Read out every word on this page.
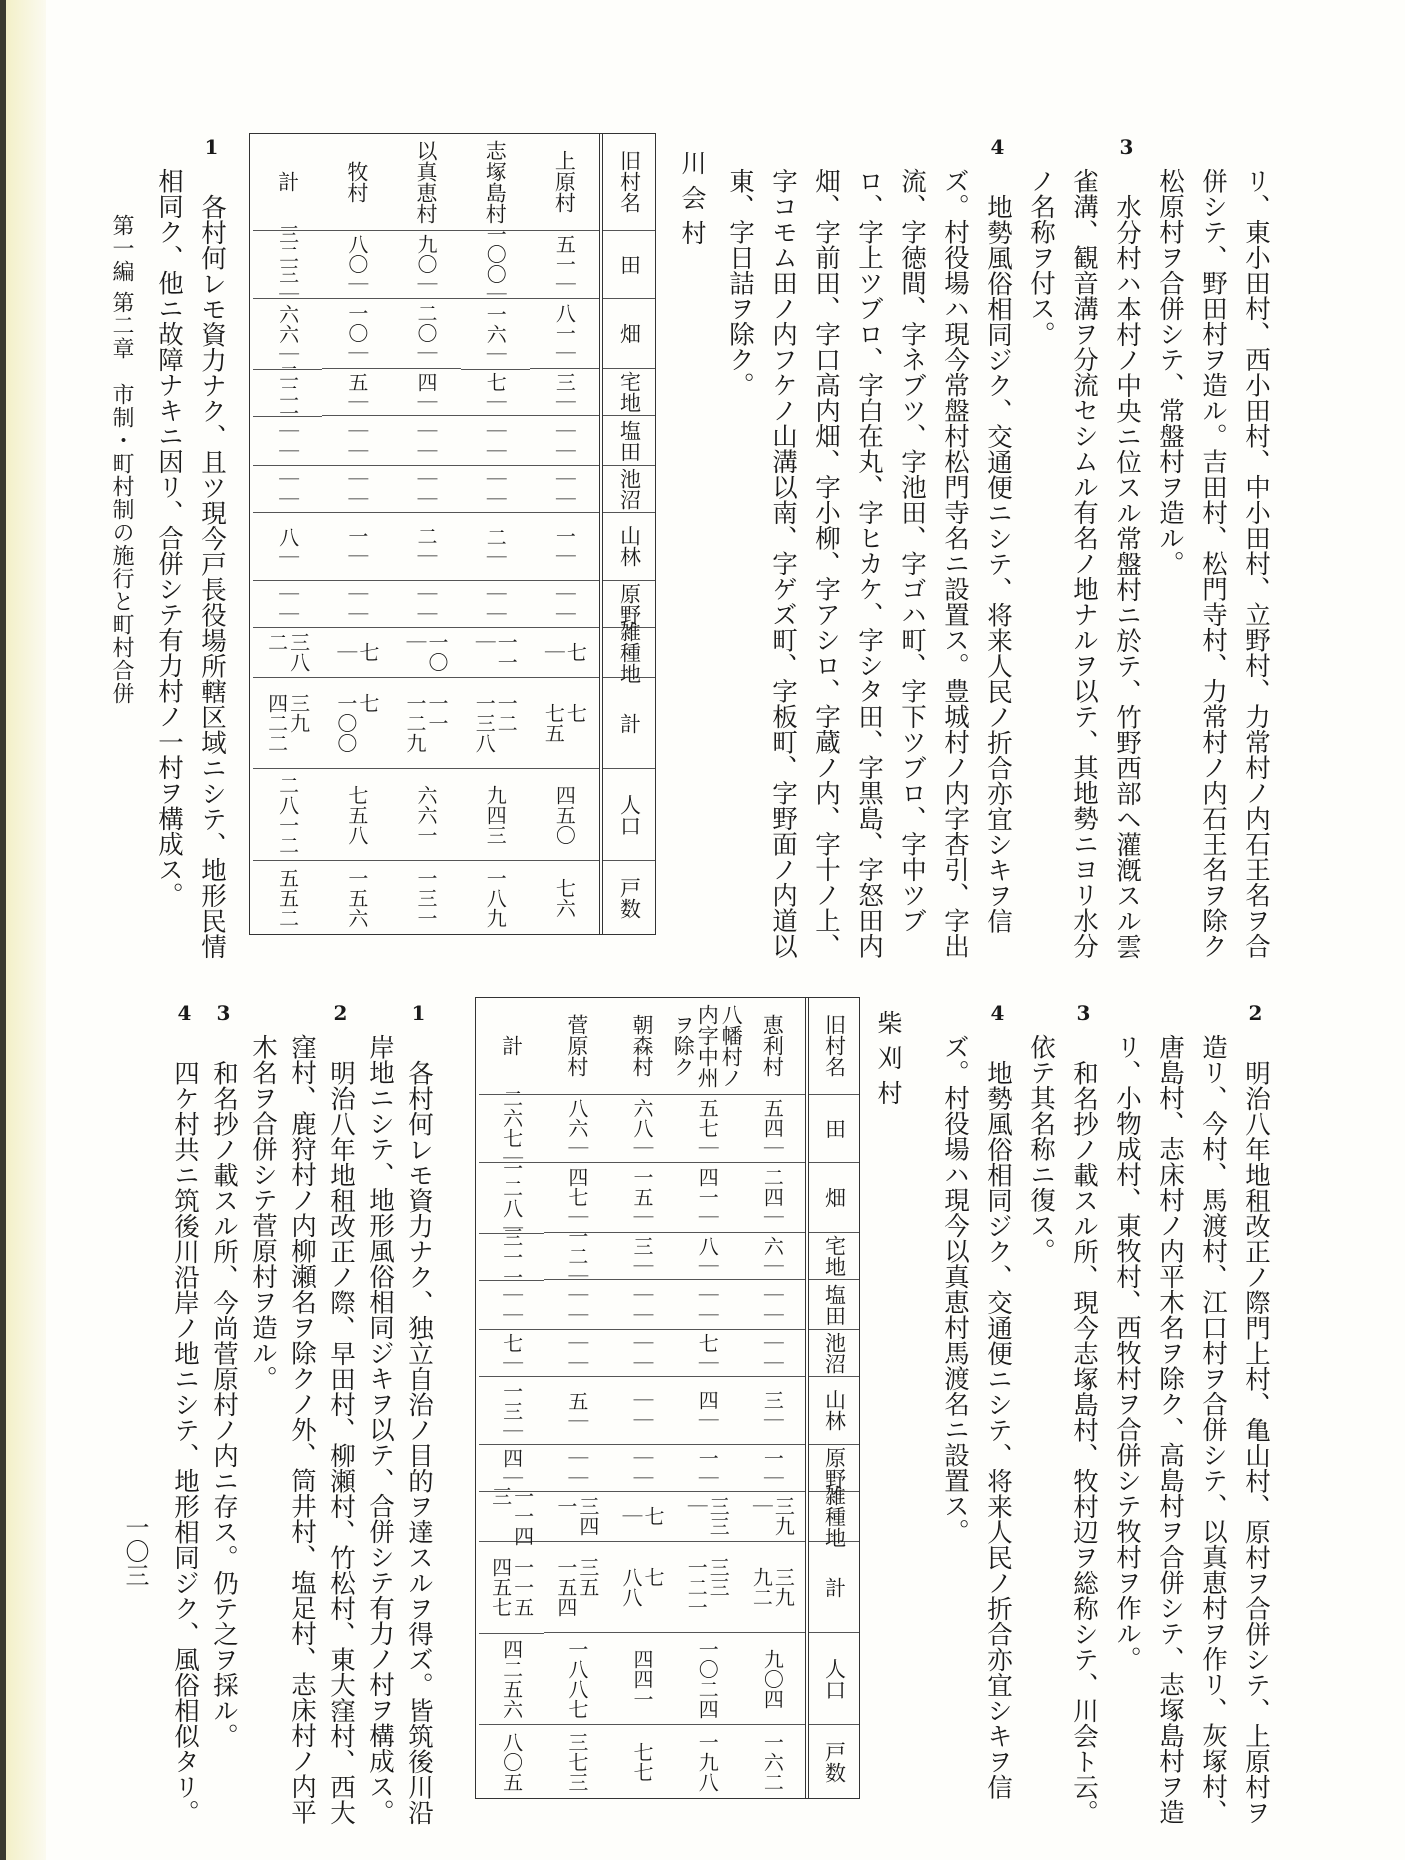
リ、東小田村、西小田村、中小田村、立野村、力常村ノ内石王名ヲ合
併シテ、野田村ヲ造ル。吉田村、松門寺村、力常村ノ内石王名ヲ除ク
松原村ヲ合併シテ、常盤村ヲ造ル。
水分村ハ本村ノ中央ニ位スル常盤村ニ於テ、竹野西部ヘ灌漑スル雲
3
雀溝、観音溝ヲ分流セシムル有名ノ地ナルヲ以テ、其地勢ニヨリ水分
ノ名称ヲ付ス。
地勢風俗相同ジク、交通便ニシテ、将来人民ノ折合亦宜シキヲ信
4
ズ。村役場ハ現今常盤村松門寺名ニ設置ス。豊城村ノ内字杏引、字出
流、字徳間、字ネブツ、字池田、字ゴハ町、字下ツブロ、字中ツブ
ロ、字上ツブロ、字白在丸、字ヒカケ、字シタ田、字黒島、字怒田内
畑、字前田、字口高内畑、字小柳、字アシロ、字蔵ノ内、字十ノ上、
字コモム田ノ内フケノ山溝以南、字ゲズ町、字板町、字野面ノ内道以
東、字日詰ヲ除ク。
川会村
旧村名
田
畑
宅地
塩田
池沼
山林
原野
雑種地
計
人口
戸数
上原村
五一｜
八一｜
三｜
｜｜
｜｜
一｜
｜｜
七
｜
七
七五
四五〇
七六
志塚島村
一〇〇｜
一六｜
七｜
｜｜
｜｜
二｜
｜｜
一一
｜
一二
一三八
九四三
一八九
以真恵村
九〇｜
二〇｜
四｜
｜｜
｜｜
二｜
｜｜
一〇
｜
一一
一二九
六六一
一三一
牧村
八〇｜
一〇｜
五｜
｜｜
｜｜
一｜
｜｜
七
｜
七
一〇〇
七五八
一五六
計
三二三｜
六六｜
二二一
｜｜
｜｜
八｜
｜｜
三八
二
三九
四二二
二八一二
五五二
各村何レモ資力ナク、且ツ現今戸長役場所轄区域ニシテ、地形民情
1
相同ク、他ニ故障ナキニ因リ、合併シテ有力村ノ一村ヲ構成ス。
第一編 第二章　市制・町村制の施行と町村合併
明治八年地租改正ノ際門上村、亀山村、原村ヲ合併シテ、上原村ヲ
2
造リ、今村、馬渡村、江口村ヲ合併シテ、以真恵村ヲ作リ、灰塚村、
唐島村、志床村ノ内平木名ヲ除ク、高島村ヲ合併シテ、志塚島村ヲ造
リ、小物成村、東牧村、西牧村ヲ合併シテ牧村ヲ作ル。
和名抄ノ載スル所、現今志塚島村、牧村辺ヲ総称シテ、川会ト云。
3
依テ其名称ニ復ス。
地勢風俗相同ジク、交通便ニシテ、将来人民ノ折合亦宜シキヲ信
4
ズ。村役場ハ現今以真恵村馬渡名ニ設置ス。
柴刈村
旧村名
田
畑
宅地
塩田
池沼
山林
原野
雑種地
計
人口
戸数
恵利村
五四｜
二四｜
六｜
｜｜
｜｜
三｜
一｜
三九
｜
三九
九二
九〇四
一六二
八幡村ノ
内字中州
ヲ除ク
五七｜
四一｜
八｜
｜｜
七｜
四｜
一｜
三三
｜
三三
一二一
一〇二四
一九八
朝森村
六八｜
一五｜
三｜
｜｜
｜｜
｜｜
｜｜
七
｜
七
八八
四四一
七七
菅原村
八六｜
四七｜
一二｜
｜｜
｜｜
五｜
｜｜
三四
一
三五
一五四
一八八七
三七三
計
二六七｜
一二八｜
三一一
｜｜
七｜
一三｜
四｜
一一四
三
一一五
四五七
四二五六
八〇五
各村何レモ資力ナク、独立自治ノ目的ヲ達スルヲ得ズ。皆筑後川沿
1
岸地ニシテ、地形風俗相同ジキヲ以テ、合併シテ有力ノ村ヲ構成ス。
明治八年地租改正ノ際、早田村、柳瀬村、竹松村、東大窪村、西大
2
窪村、鹿狩村ノ内柳瀬名ヲ除クノ外、筒井村、塩足村、志床村ノ内平
木名ヲ合併シテ菅原村ヲ造ル。
和名抄ノ載スル所、今尚菅原村ノ内ニ存ス。仍テ之ヲ採ル。
3
四ケ村共ニ筑後川沿岸ノ地ニシテ、地形相同ジク、風俗相似タリ。
4
一〇三
